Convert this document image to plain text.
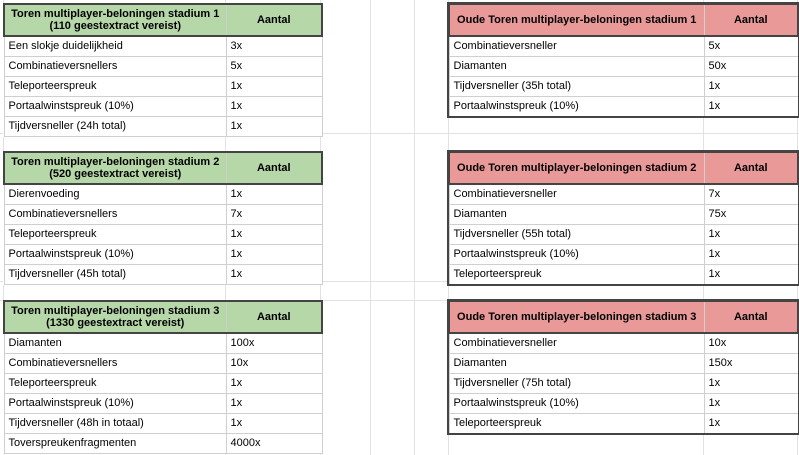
Toren multiplayer-beloningen stadium 1 (110 geestextract vereist)	Aantal
Een slokje duidelijkheid	3x
Combinatieversnellers	5x
Teleporteerspreuk	1x
Portaalwinstspreuk (10%)	1x
Tijdversneller (24h total)	1x
Toren multiplayer-beloningen stadium 2 (520 geestextract vereist)	Aantal
Dierenvoeding	1x
Combinatieversnellers	7x
Teleporteerspreuk	1x
Portaalwinstspreuk (10%)	1x
Tijdversneller (45h total)	1x
Toren multiplayer-beloningen stadium 3 (1330 geestextract vereist)	Aantal
Diamanten	100x
Combinatieversnellers	10x
Teleporteerspreuk	1x
Portaalwinstspreuk (10%)	1x
Tijdversneller (48h in totaal)	1x
Toverspreukenfragmenten	4000x
Oude Toren multiplayer-beloningen stadium 1	Aantal
Combinatieversneller	5x
Diamanten	50x
Tijdversneller (35h total)	1x
Portaalwinstspreuk (10%)	1x
Oude Toren multiplayer-beloningen stadium 2	Aantal
Combinatieversneller	7x
Diamanten	75x
Tijdversneller (55h total)	1x
Portaalwinstspreuk (10%)	1x
Teleporteerspreuk	1x
Oude Toren multiplayer-beloningen stadium 3	Aantal
Combinatieversneller	10x
Diamanten	150x
Tijdversneller (75h total)	1x
Portaalwinstspreuk (10%)	1x
Teleporteerspreuk	1x
